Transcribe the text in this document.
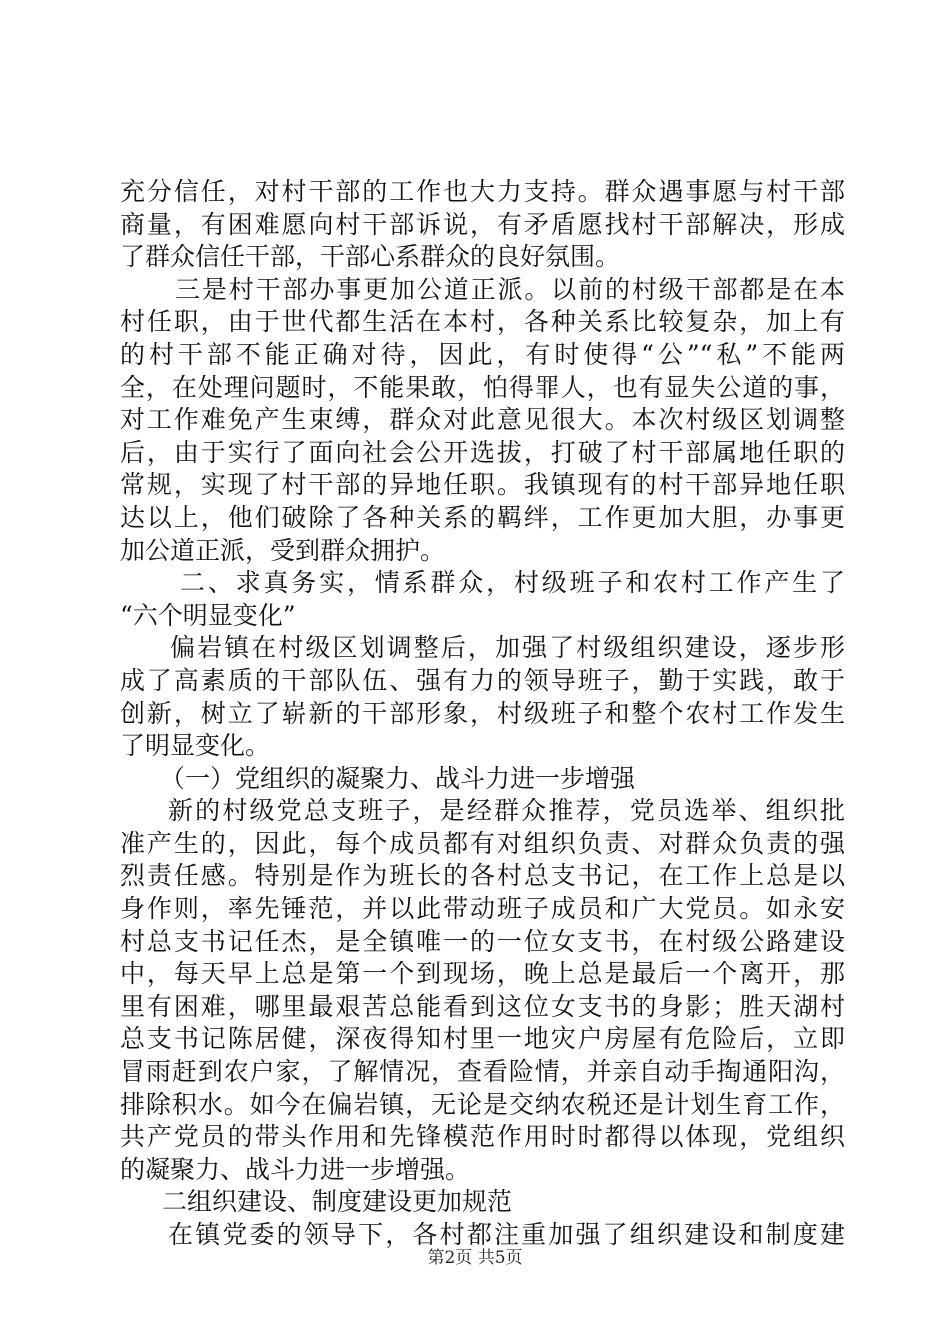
充分信任，对村干部的工作也大力支持。群众遇事愿与村干部
商量，有困难愿向村干部诉说，有矛盾愿找村干部解决，形成
了群众信任干部，干部心系群众的良好氛围。
三是村干部办事更加公道正派。以前的村级干部都是在本
村任职，由于世代都生活在本村，各种关系比较复杂，加上有
的村干部不能正确对待，因此，有时使得“公”“私”不能两
全，在处理问题时，不能果敢，怕得罪人，也有显失公道的事，
对工作难免产生束缚，群众对此意见很大。本次村级区划调整
后，由于实行了面向社会公开选拔，打破了村干部属地任职的
常规，实现了村干部的异地任职。我镇现有的村干部异地任职
达以上，他们破除了各种关系的羁绊，工作更加大胆，办事更
加公道正派，受到群众拥护。
二、求真务实，情系群众，村级班子和农村工作产生了
“六个明显变化”
偏岩镇在村级区划调整后，加强了村级组织建设，逐步形
成了高素质的干部队伍、强有力的领导班子，勤于实践，敢于
创新，树立了崭新的干部形象，村级班子和整个农村工作发生
了明显变化。
（一）党组织的凝聚力、战斗力进一步增强
新的村级党总支班子，是经群众推荐，党员选举、组织批
准产生的，因此，每个成员都有对组织负责、对群众负责的强
烈责任感。特别是作为班长的各村总支书记，在工作上总是以
身作则，率先锤范，并以此带动班子成员和广大党员。如永安
村总支书记任杰，是全镇唯一的一位女支书，在村级公路建设
中，每天早上总是第一个到现场，晚上总是最后一个离开，那
里有困难，哪里最艰苦总能看到这位女支书的身影；胜天湖村
总支书记陈居健，深夜得知村里一地灾户房屋有危险后，立即
冒雨赶到农户家，了解情况，查看险情，并亲自动手掏通阳沟，
排除积水。如今在偏岩镇，无论是交纳农税还是计划生育工作，
共产党员的带头作用和先锋模范作用时时都得以体现，党组织
的凝聚力、战斗力进一步增强。
二组织建设、制度建设更加规范
在镇党委的领导下，各村都注重加强了组织建设和制度建
第2页 共5页
